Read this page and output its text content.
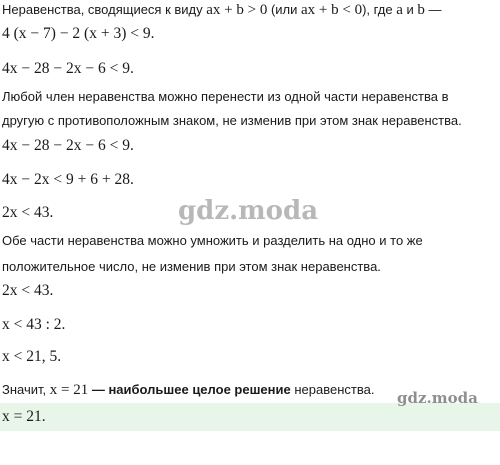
Неравенства, сводящиеся к виду ax + b > 0 (или ax + b < 0), где a и b —
4 (x − 7) − 2 (x + 3) < 9.
4x − 28 − 2x − 6 < 9.
Любой член неравенства можно перенести из одной части неравенства в
другую с противоположным знаком, не изменив при этом знак неравенства.
4x − 28 − 2x − 6 < 9.
4x − 2x < 9 + 6 + 28.
2x < 43.
Обе части неравенства можно умножить и разделить на одно и то же
положительное число, не изменив при этом знак неравенства.
2x < 43.
x < 43 : 2.
x < 21, 5.
Значит, x = 21 — наибольшее целое решение неравенства.
x = 21.
gdz.moda
gdz.moda
